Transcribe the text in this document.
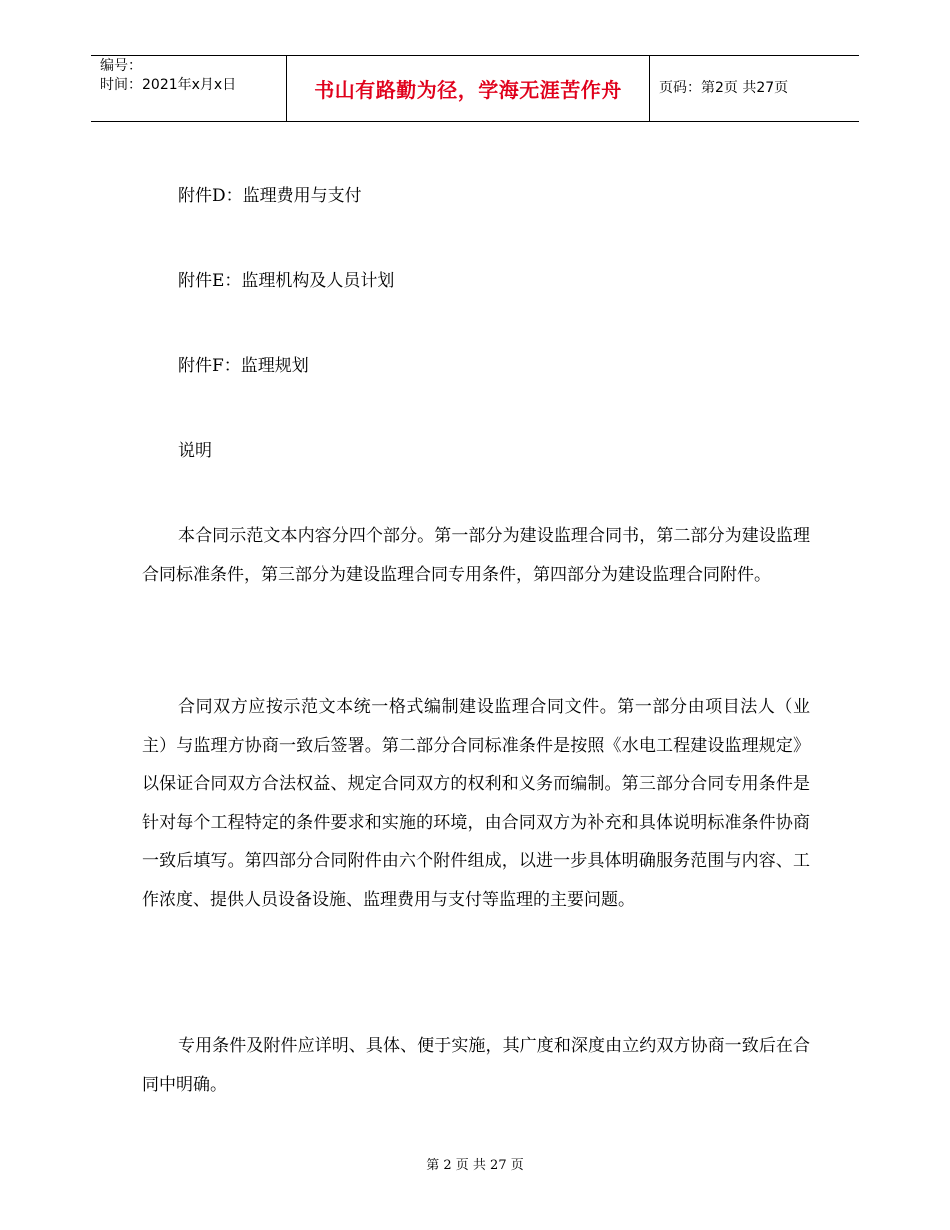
编号：
时间：2021年x月x日	书山有路勤为径，学海无涯苦作舟	页码：第2页 共27页
附件D：监理费用与支付
附件E：监理机构及人员计划
附件F：监理规划
说明
本合同示范文本内容分四个部分。第一部分为建设监理合同书，第二部分为建设监理合同标准条件，第三部分为建设监理合同专用条件，第四部分为建设监理合同附件。
合同双方应按示范文本统一格式编制建设监理合同文件。第一部分由项目法人（业主）与监理方协商一致后签署。第二部分合同标准条件是按照《水电工程建设监理规定》以保证合同双方合法权益、规定合同双方的权利和义务而编制。第三部分合同专用条件是针对每个工程特定的条件要求和实施的环境，由合同双方为补充和具体说明标准条件协商一致后填写。第四部分合同附件由六个附件组成，以进一步具体明确服务范围与内容、工作浓度、提供人员设备设施、监理费用与支付等监理的主要问题。
专用条件及附件应详明、具体、便于实施，其广度和深度由立约双方协商一致后在合同中明确。
第 2 页 共 27 页
